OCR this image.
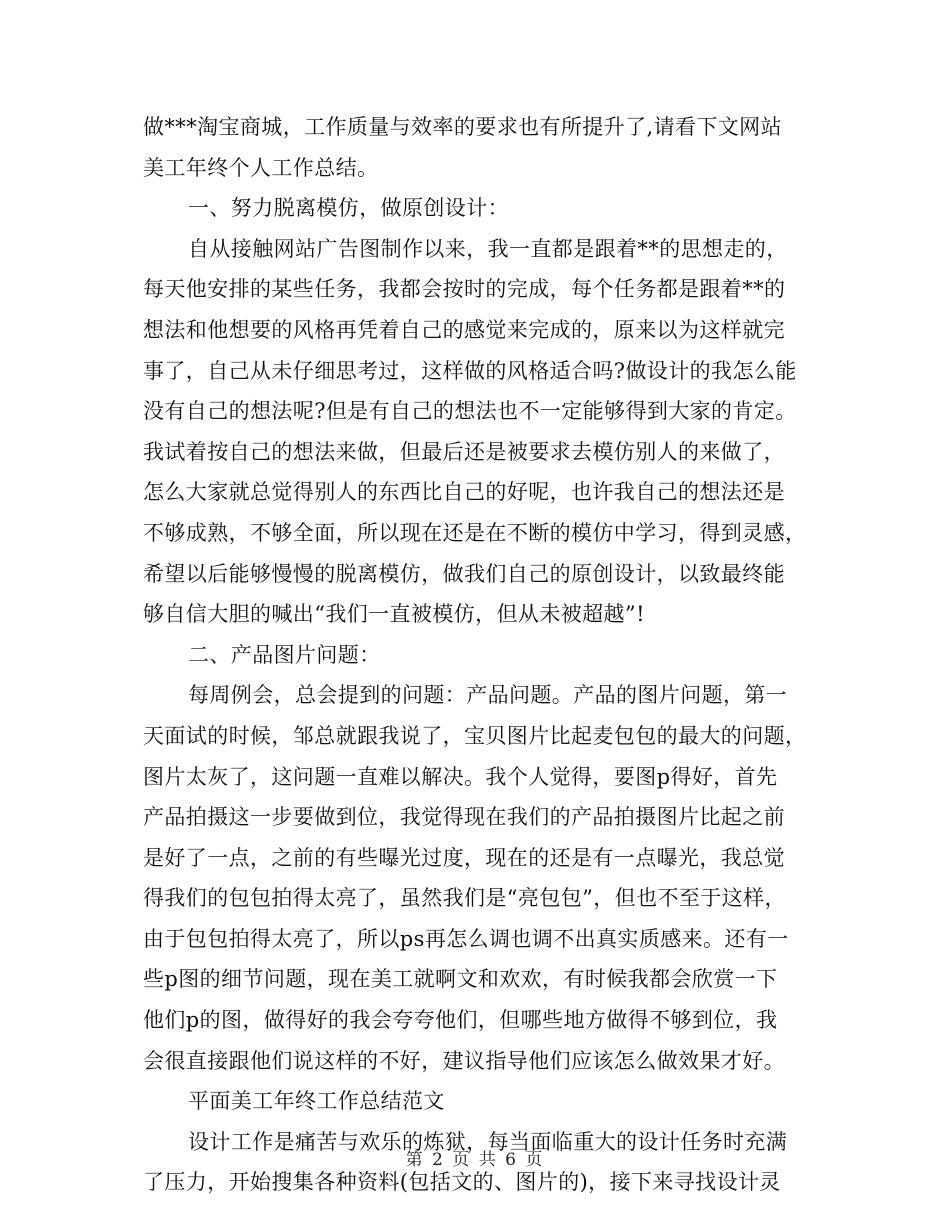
做***淘宝商城，工作质量与效率的要求也有所提升了,请看下文网站
美工年终个人工作总结。
一、努力脱离模仿，做原创设计：
自从接触网站广告图制作以来，我一直都是跟着**的思想走的，
每天他安排的某些任务，我都会按时的完成，每个任务都是跟着**的
想法和他想要的风格再凭着自己的感觉来完成的，原来以为这样就完
事了，自己从未仔细思考过，这样做的风格适合吗?做设计的我怎么能
没有自己的想法呢?但是有自己的想法也不一定能够得到大家的肯定。
我试着按自己的想法来做，但最后还是被要求去模仿别人的来做了，
怎么大家就总觉得别人的东西比自己的好呢，也许我自己的想法还是
不够成熟，不够全面，所以现在还是在不断的模仿中学习，得到灵感，
希望以后能够慢慢的脱离模仿，做我们自己的原创设计，以致最终能
够自信大胆的喊出“我们一直被模仿，但从未被超越”!
二、产品图片问题：
每周例会，总会提到的问题：产品问题。产品的图片问题，第一
天面试的时候，邹总就跟我说了，宝贝图片比起麦包包的最大的问题，
图片太灰了，这问题一直难以解决。我个人觉得，要图p得好，首先
产品拍摄这一步要做到位，我觉得现在我们的产品拍摄图片比起之前
是好了一点，之前的有些曝光过度，现在的还是有一点曝光，我总觉
得我们的包包拍得太亮了，虽然我们是“亮包包”，但也不至于这样，
由于包包拍得太亮了，所以ps再怎么调也调不出真实质感来。还有一
些p图的细节问题，现在美工就啊文和欢欢，有时候我都会欣赏一下
他们p的图，做得好的我会夸夸他们，但哪些地方做得不够到位，我
会很直接跟他们说这样的不好，建议指导他们应该怎么做效果才好。
平面美工年终工作总结范文
设计工作是痛苦与欢乐的炼狱，每当面临重大的设计任务时充满
了压力，开始搜集各种资料(包括文的、图片的)，接下来寻找设计灵
第 2 页 共 6 页
